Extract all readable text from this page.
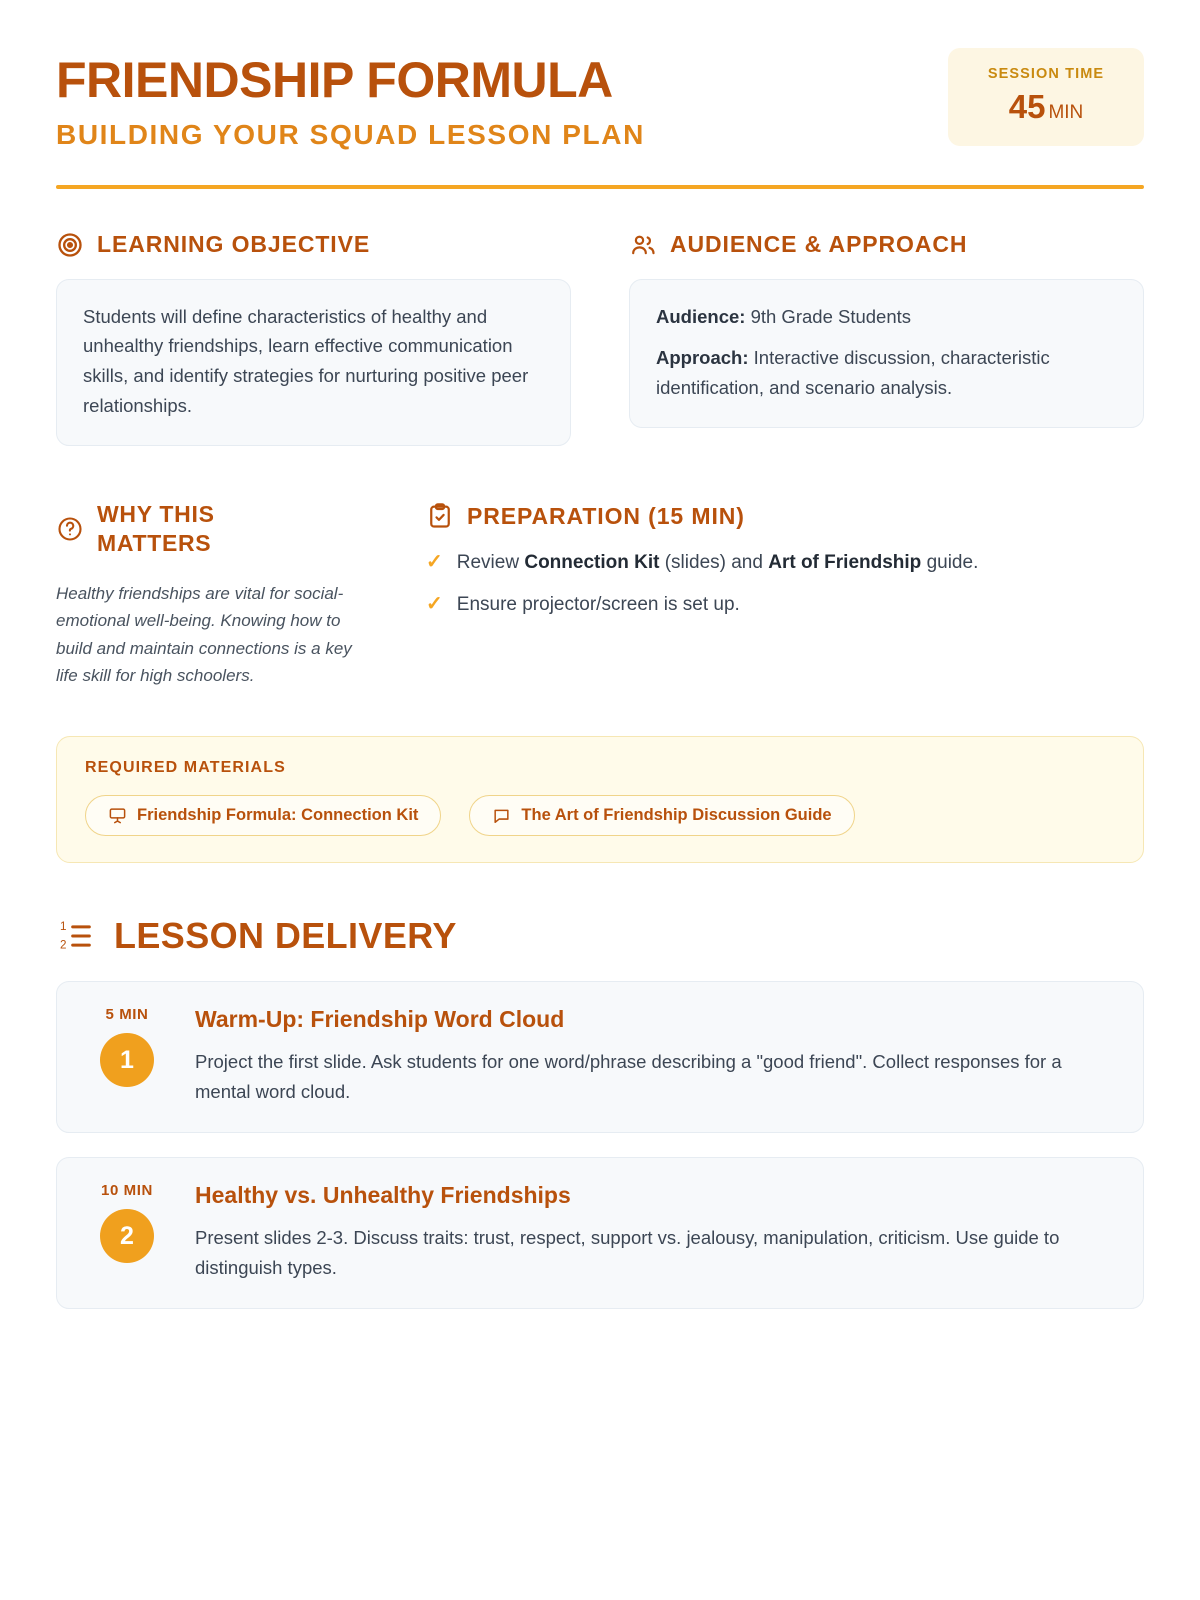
FRIENDSHIP FORMULA
BUILDING YOUR SQUAD LESSON PLAN
SESSION TIME
45 MIN
LEARNING OBJECTIVE

Students will define characteristics of healthy and unhealthy friendships, learn effective communication skills, and identify strategies for nurturing positive peer relationships.

AUDIENCE & APPROACH

Audience: 9th Grade Students

Approach: Interactive discussion, characteristic identification, and scenario analysis.

WHY THIS MATTERS
Healthy friendships are vital for social-emotional well-being. Knowing how to build and maintain connections is a key life skill for high schoolers.
PREPARATION (15 MIN)
✓ Review Connection Kit (slides) and Art of Friendship guide.
✓ Ensure projector/screen is set up.
REQUIRED MATERIALS
Friendship Formula: Connection Kit	The Art of Friendship Discussion Guide
1
2 LESSON DELIVERY
5 MIN
1
Warm-Up: Friendship Word Cloud
Project the first slide. Ask students for one word/phrase describing a "good friend". Collect responses for a mental word cloud.
10 MIN
2
Healthy vs. Unhealthy Friendships
Present slides 2-3. Discuss traits: trust, respect, support vs. jealousy, manipulation, criticism. Use guide to distinguish types.
